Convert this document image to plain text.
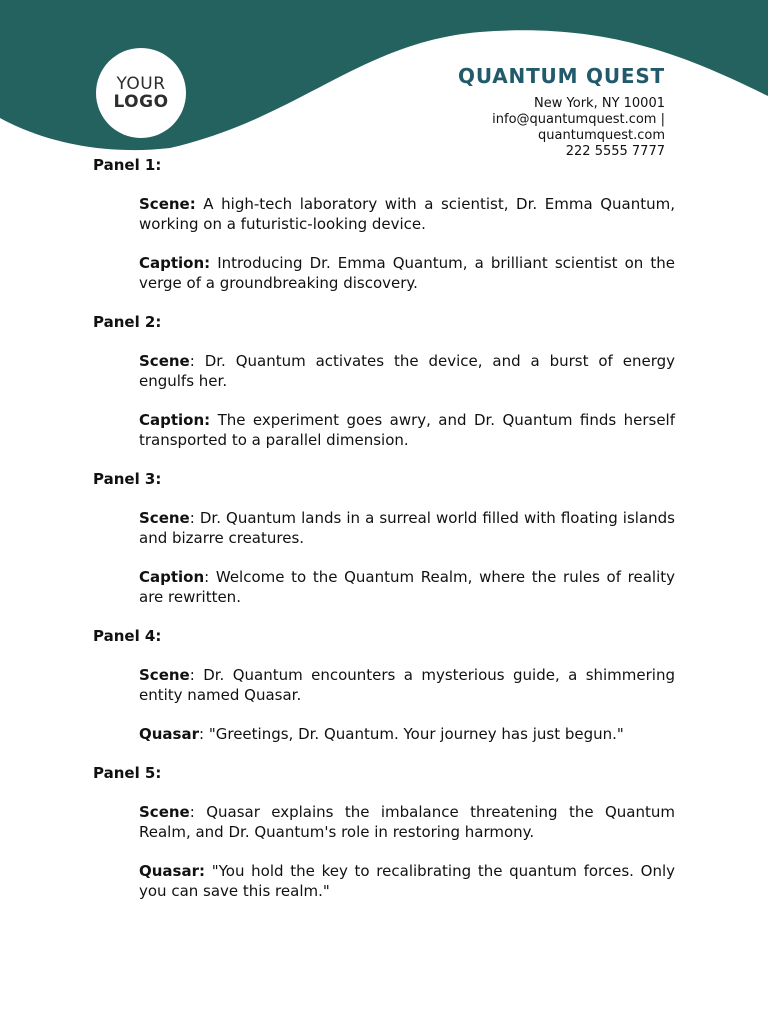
YOUR
LOGO
QUANTUM QUEST
New York, NY 10001
info@quantumquest.com |
quantumquest.com
222 5555 7777
Panel 1:

Scene: A high-tech laboratory with a scientist, Dr. Emma Quantum, working on a futuristic-looking device.

Caption: Introducing Dr. Emma Quantum, a brilliant scientist on the verge of a groundbreaking discovery.

Panel 2:

Scene: Dr. Quantum activates the device, and a burst of energy engulfs her.

Caption: The experiment goes awry, and Dr. Quantum finds herself transported to a parallel dimension.

Panel 3:

Scene: Dr. Quantum lands in a surreal world filled with floating islands and bizarre creatures.

Caption: Welcome to the Quantum Realm, where the rules of reality are rewritten.

Panel 4:

Scene: Dr. Quantum encounters a mysterious guide, a shimmering entity named Quasar.

Quasar: "Greetings, Dr. Quantum. Your journey has just begun."

Panel 5:

Scene: Quasar explains the imbalance threatening the Quantum Realm, and Dr. Quantum's role in restoring harmony.

Quasar: "You hold the key to recalibrating the quantum forces. Only you can save this realm."
